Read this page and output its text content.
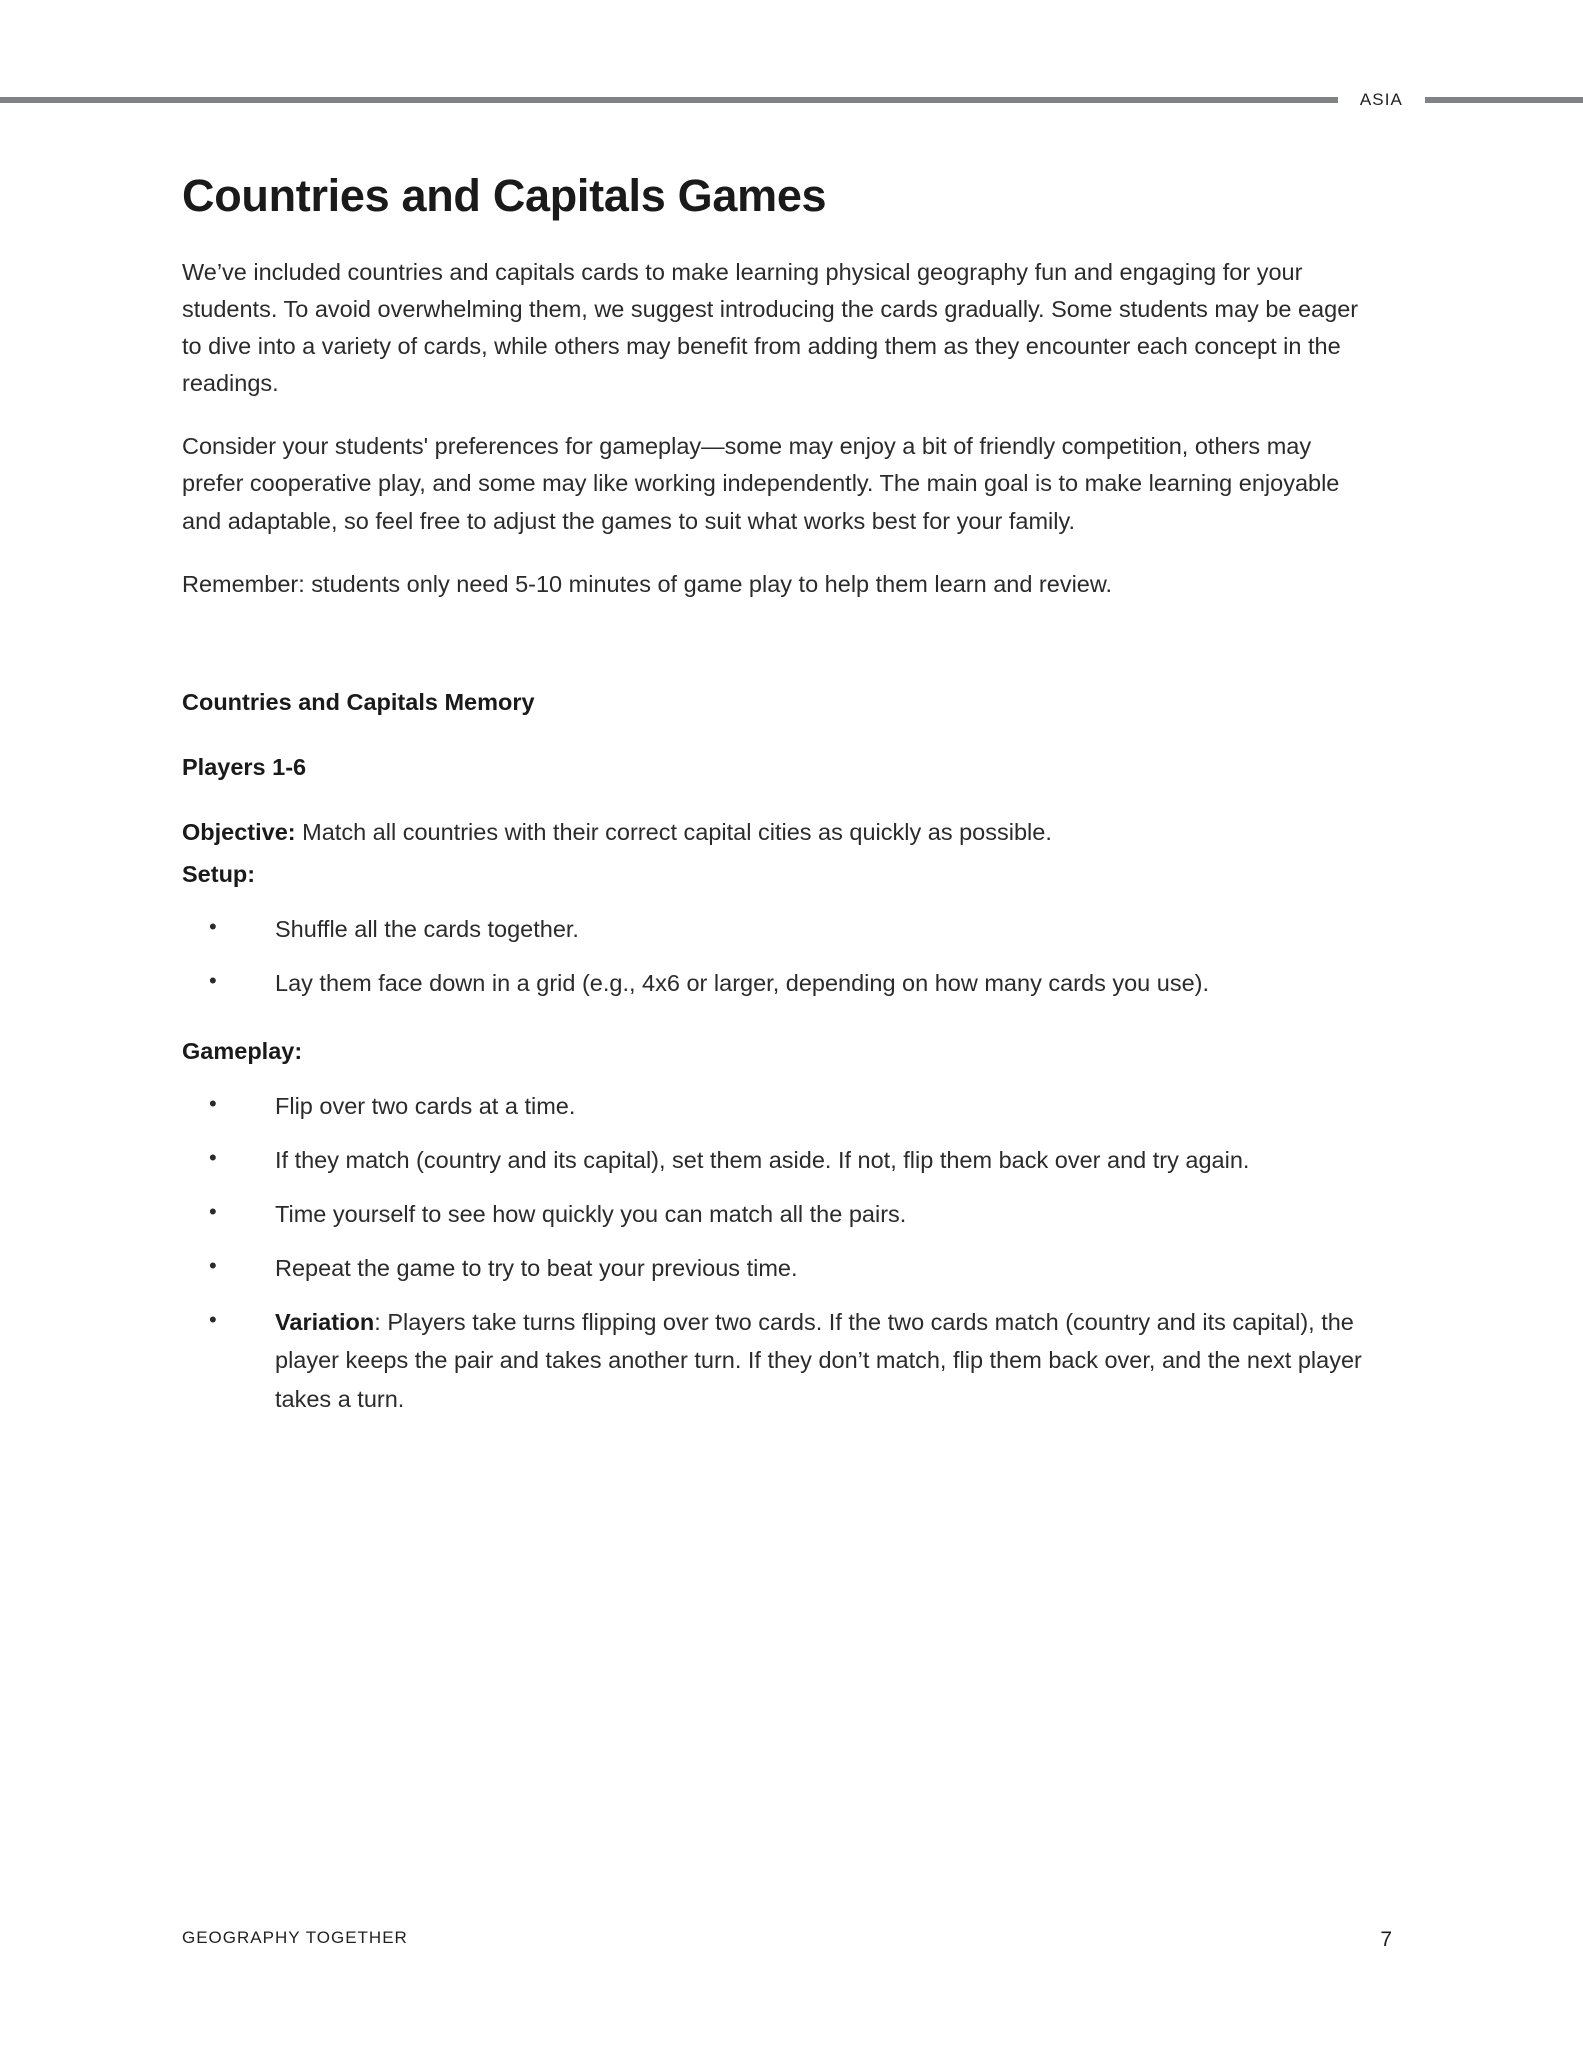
ASIA
Countries and Capitals Games

We’ve included countries and capitals cards to make learning physical geography fun and engaging for your students. To avoid overwhelming them, we suggest introducing the cards gradually. Some students may be eager to dive into a variety of cards, while others may benefit from adding them as they encounter each concept in the readings.

Consider your students' preferences for gameplay—some may enjoy a bit of friendly competition, others may prefer cooperative play, and some may like working independently. The main goal is to make learning enjoyable and adaptable, so feel free to adjust the games to suit what works best for your family.

Remember: students only need 5-10 minutes of game play to help them learn and review.

Countries and Capitals Memory
Players 1-6

Objective: Match all countries with their correct capital cities as quickly as possible.

Setup:

• Shuffle all the cards together.
• Lay them face down in a grid (e.g., 4x6 or larger, depending on how many cards you use).

Gameplay:

• Flip over two cards at a time.
• If they match (country and its capital), set them aside. If not, flip them back over and try again.
• Time yourself to see how quickly you can match all the pairs.
• Repeat the game to try to beat your previous time.
• Variation: Players take turns flipping over two cards. If the two cards match (country and its capital), the player keeps the pair and takes another turn. If they don’t match, flip them back over, and the next player takes a turn.
GEOGRAPHY TOGETHER	7
